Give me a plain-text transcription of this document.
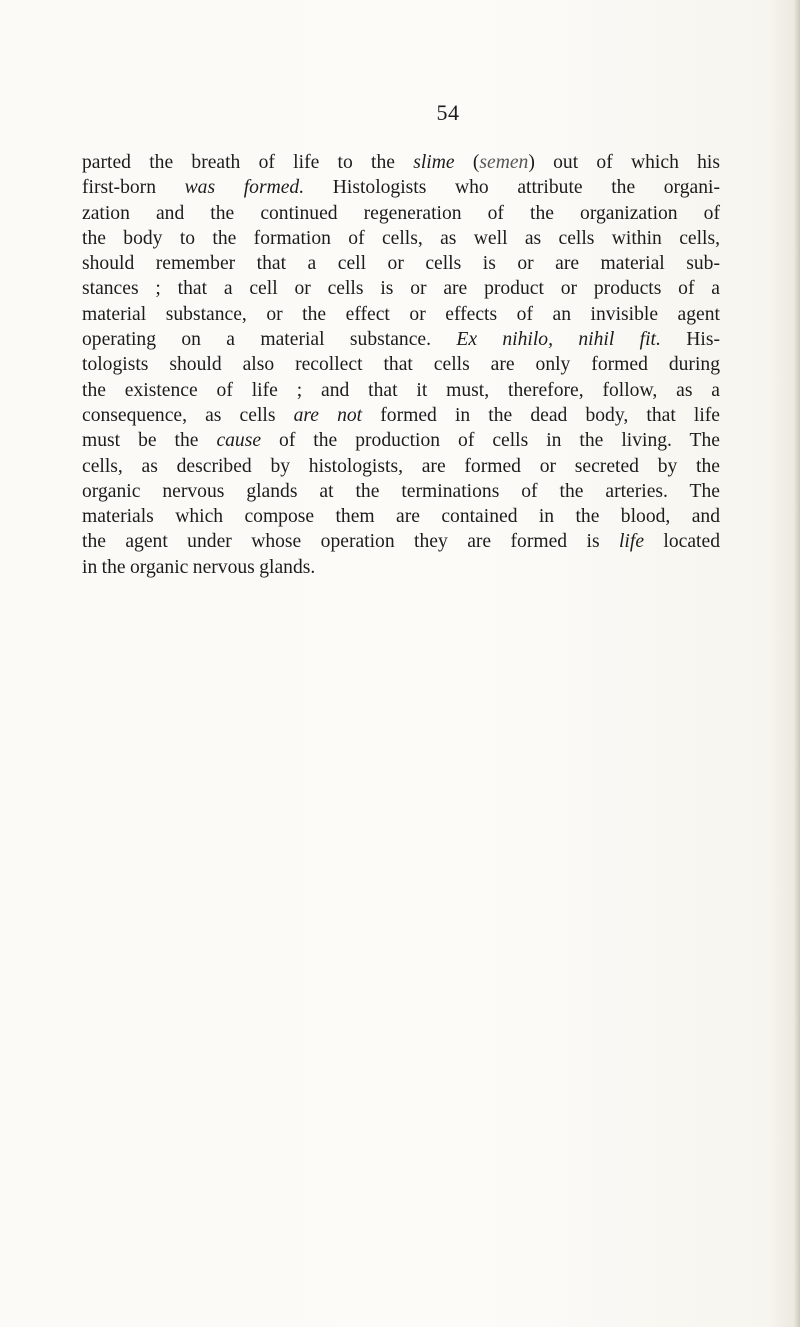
54
parted the breath of life to the slime (semen) out of which his
first-born was formed. Histologists who attribute the organi-
zation and the continued regeneration of the organization of
the body to the formation of cells, as well as cells within cells,
should remember that a cell or cells is or are material sub-
stances ; that a cell or cells is or are product or products of a
material substance, or the effect or effects of an invisible agent
operating on a material substance. Ex nihilo, nihil fit. His-
tologists should also recollect that cells are only formed during
the existence of life ; and that it must, therefore, follow, as a
consequence, as cells are not formed in the dead body, that life
must be the cause of the production of cells in the living. The
cells, as described by histologists, are formed or secreted by the
organic nervous glands at the terminations of the arteries. The
materials which compose them are contained in the blood, and
the agent under whose operation they are formed is life located
in the organic nervous glands.
